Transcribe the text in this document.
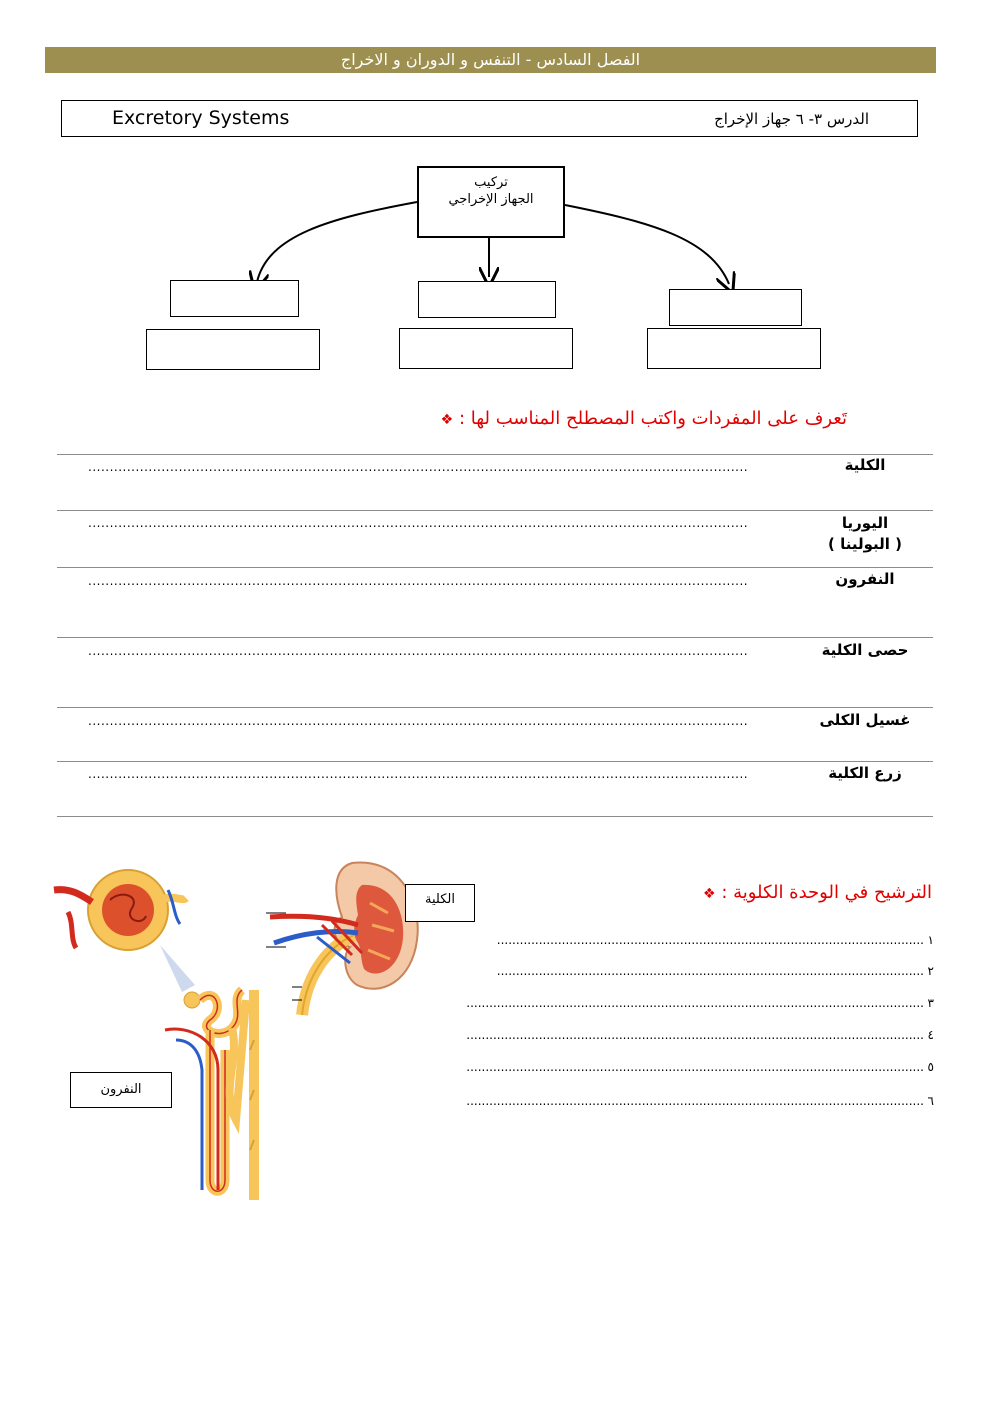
الفصل السادس - التنفس و الدوران و الاخراج
Excretory Systems	الدرس ٣- ٦ جهاز الإخراج
تركيب
الجهاز الإخراجي
تَعرف على المفردات واكتب المصطلح المناسب لها : ❖
الكلية
.........................................................................................................................................................
اليوريا
( البولينا )
.........................................................................................................................................................
النفرون
.........................................................................................................................................................
حصى الكلية
.........................................................................................................................................................
غسيل الكلى
.........................................................................................................................................................
زرع الكلية
.........................................................................................................................................................
الترشيح في الوحدة الكلوية : ❖
................................................................................................................ ١

................................................................................................................ ٢

........................................................................................................................ ٣

........................................................................................................................ ٤

........................................................................................................................ ٥

........................................................................................................................ ٦

الكلية
النفرون
